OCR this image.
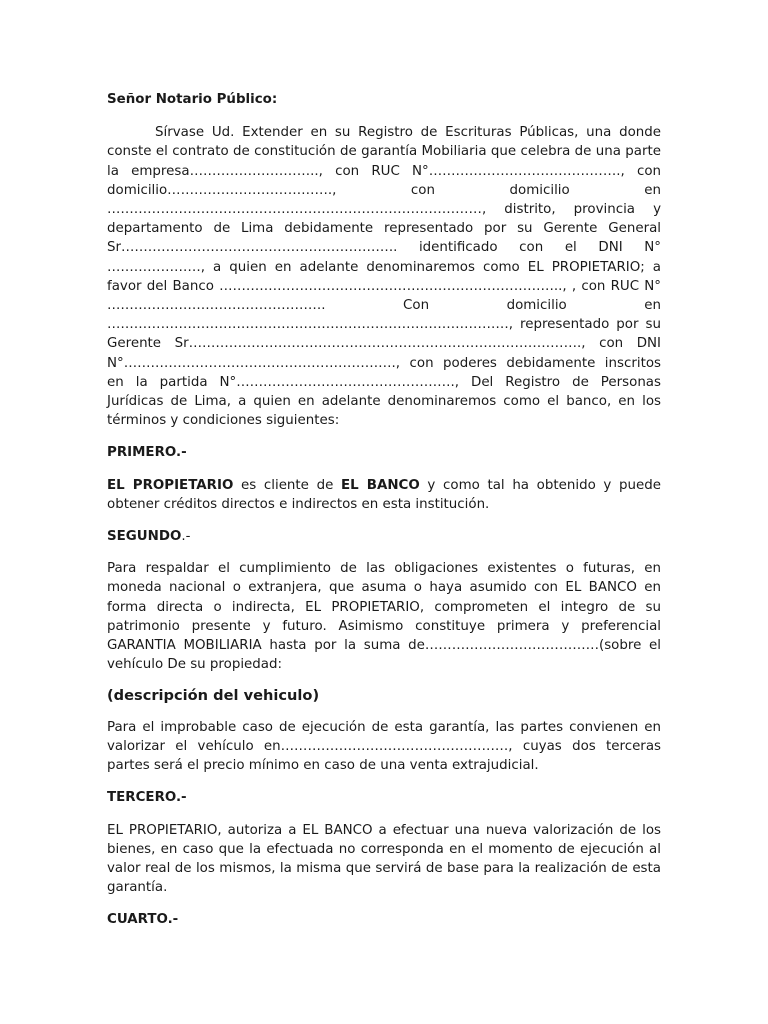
Señor Notario Público:

Sírvase Ud. Extender en su Registro de Escrituras Públicas, una donde conste el contrato de constitución de garantía Mobiliaria que celebra de una parte la empresa……………………….., con RUC N°……………………………………., con domicilio………………………………., con domicilio en …………………………………………………………………………, distrito, provincia y departamento de Lima debidamente representado por su Gerente General Sr…………………………………………………….. identificado con el DNI N° …………………, a quien en adelante denominaremos como EL PROPIETARIO; a favor del Banco ………………………………………………………………….., , con RUC N° …………………………………………. Con domicilio en ………………………………………………………………………………, representado por su Gerente Sr……………………………………………………………………………., con DNI N°……………………………………………………., con poderes debidamente inscritos en la partida N°…………………………………………., Del Registro de Personas Jurídicas de Lima, a quien en adelante denominaremos como el banco, en los términos y condiciones siguientes:

PRIMERO.-

EL PROPIETARIO es cliente de EL BANCO y como tal ha obtenido y puede obtener créditos directos e indirectos en esta institución.

SEGUNDO.-

Para respaldar el cumplimiento de las obligaciones existentes o futuras, en moneda nacional o extranjera, que asuma o haya asumido con EL BANCO en forma directa o indirecta, EL PROPIETARIO, comprometen el integro de su patrimonio presente y futuro. Asimismo constituye primera y preferencial GARANTIA MOBILIARIA hasta por la suma de…………………………………(sobre el vehículo De su propiedad:

(descripción del vehiculo)

Para el improbable caso de ejecución de esta garantía, las partes convienen en valorizar el vehículo en……………………………………………, cuyas dos terceras partes será el precio mínimo en caso de una venta extrajudicial.

TERCERO.-

EL PROPIETARIO, autoriza a EL BANCO a efectuar una nueva valorización de los bienes, en caso que la efectuada no corresponda en el momento de ejecución al valor real de los mismos, la misma que servirá de base para la realización de esta garantía.

CUARTO.-
